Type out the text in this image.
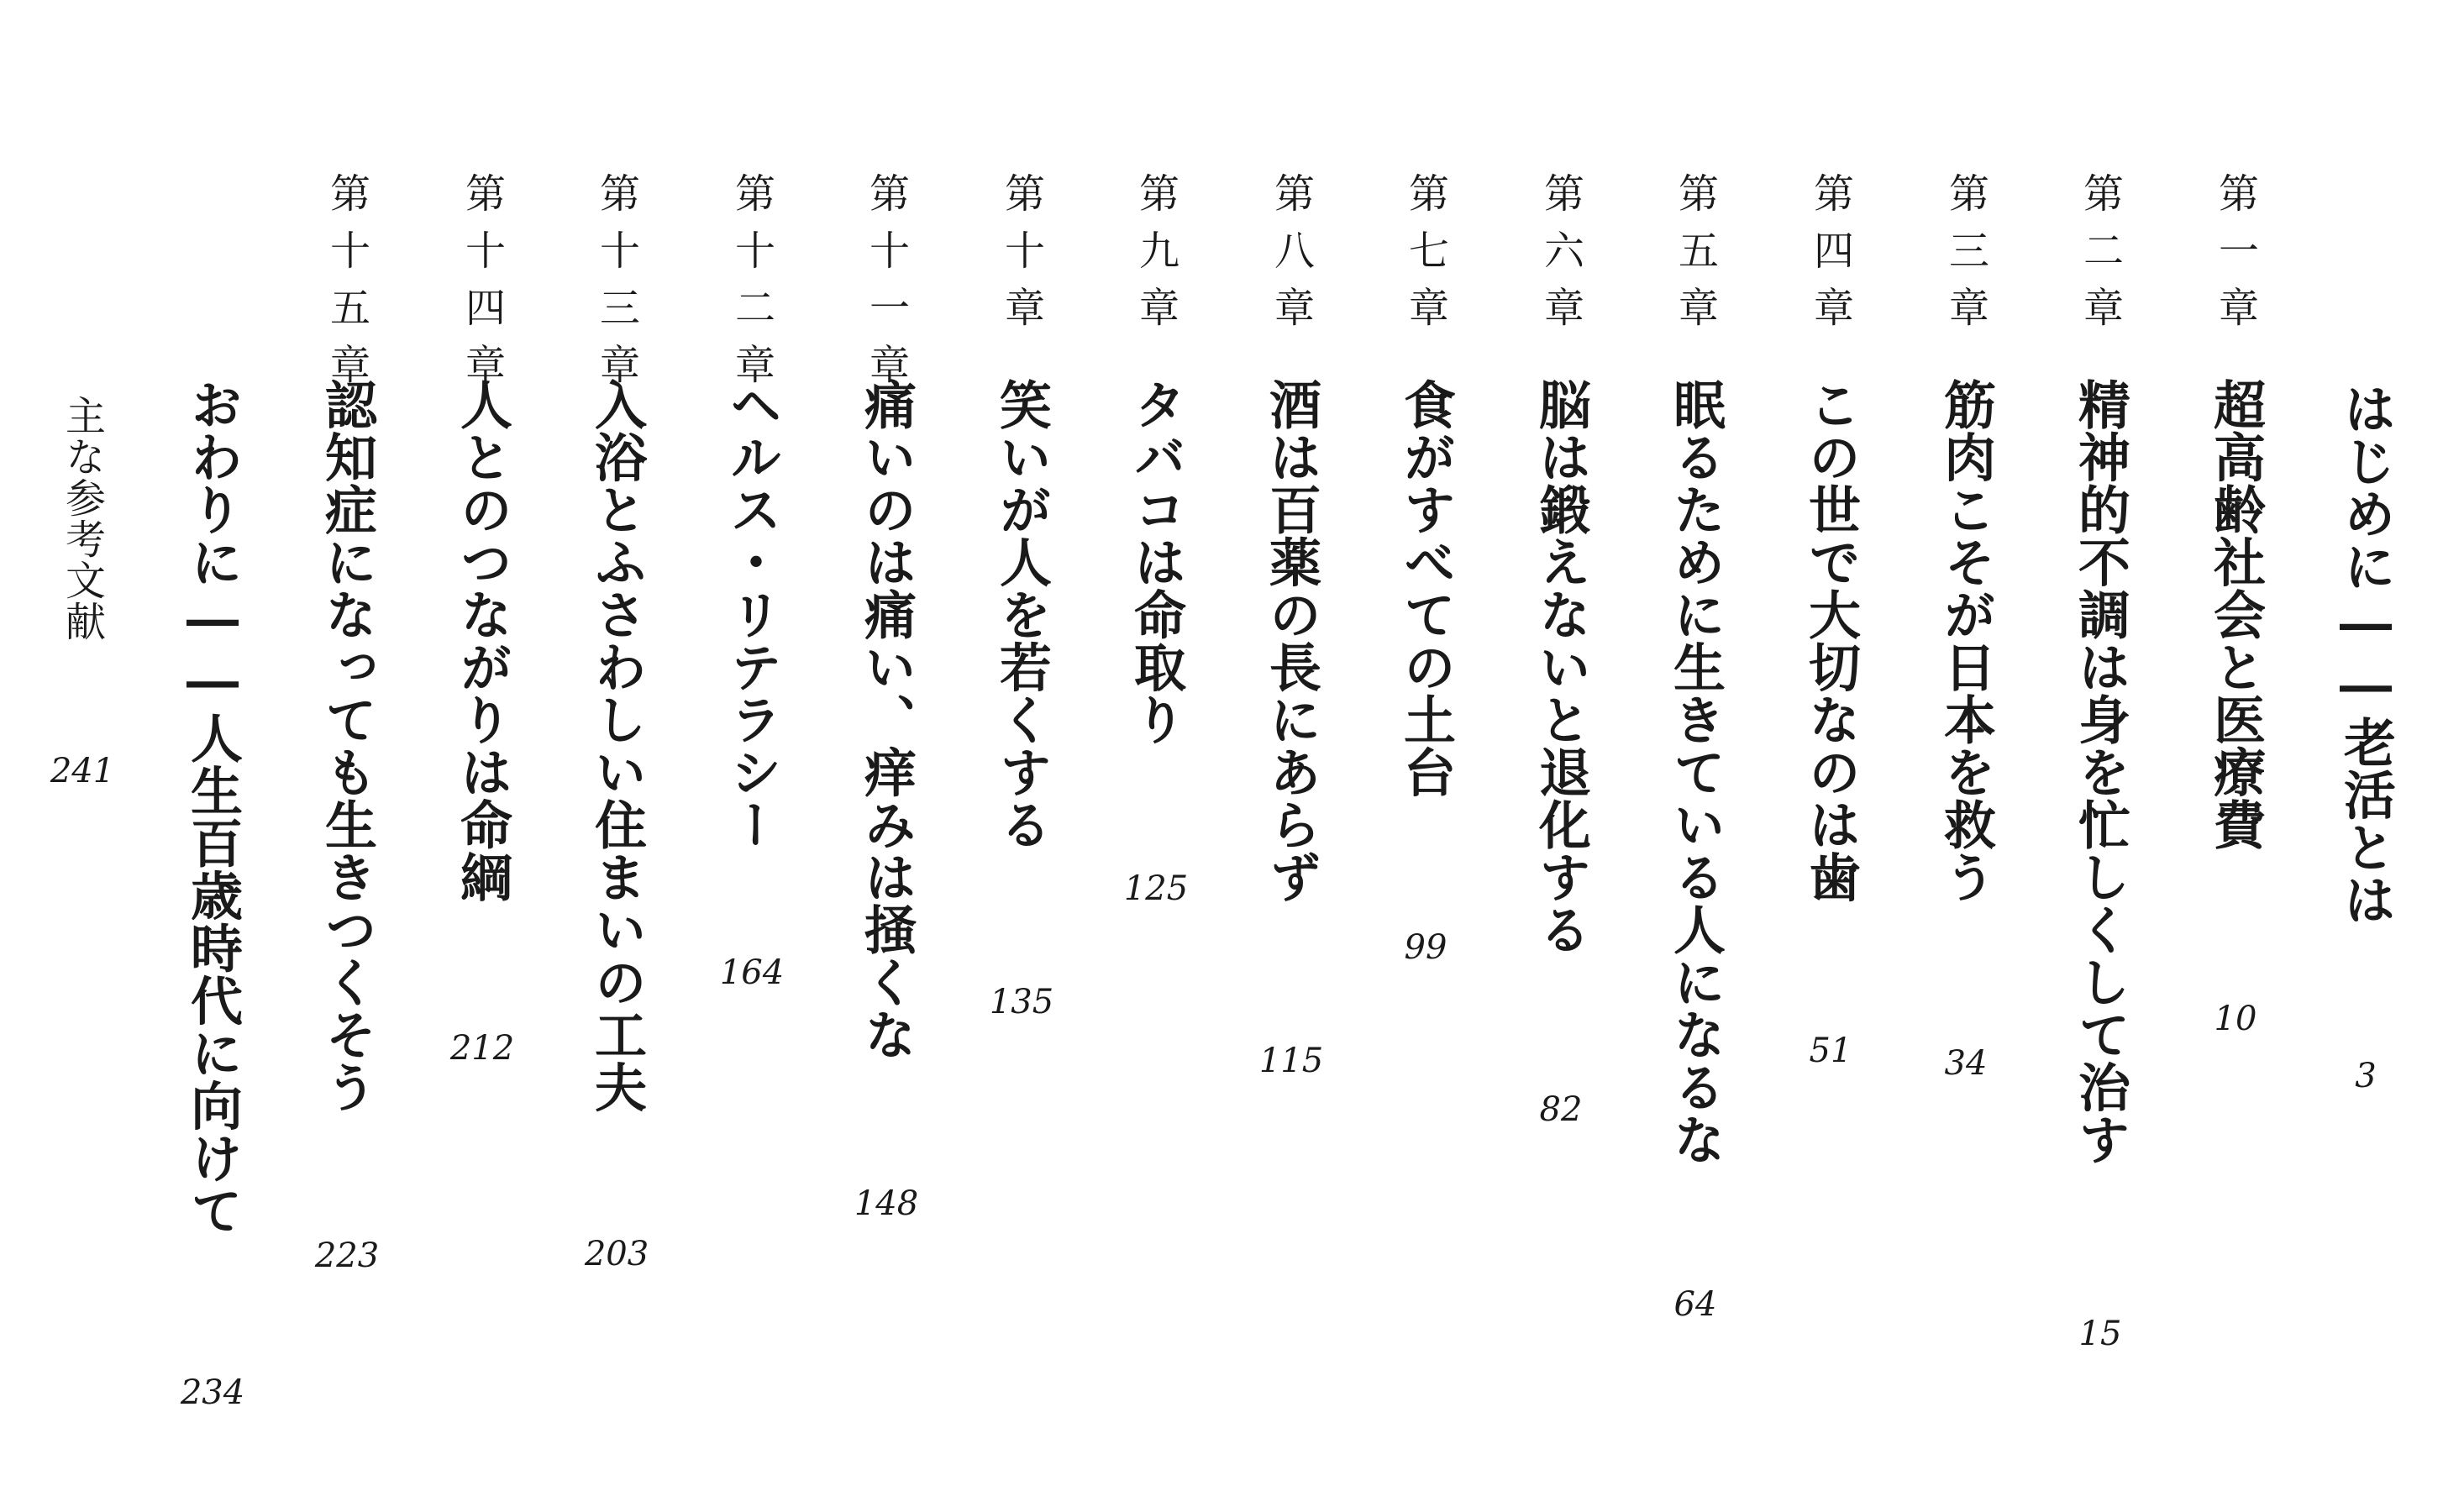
はじめに――老活とは
3
第一章
超高齢社会と医療費
10
第二章
精神的不調は身を忙しくして治す
15
第三章
筋肉こそが日本を救う
34
第四章
この世で大切なのは歯
51
第五章
眠るために生きている人になるな
64
第六章
脳は鍛えないと退化する
82
第七章
食がすべての土台
99
第八章
酒は百薬の長にあらず
115
第九章
タバコは命取り
125
第十章
笑いが人を若くする
135
第十一章
痛いのは痛い、痒みは掻くな
148
第十二章
ヘルス・リテラシー
164
第十三章
入浴とふさわしい住まいの工夫
203
第十四章
人とのつながりは命綱
212
第十五章
認知症になっても生きつくそう
223
おわりに――人生百歳時代に向けて
234
主な参考文献
241
